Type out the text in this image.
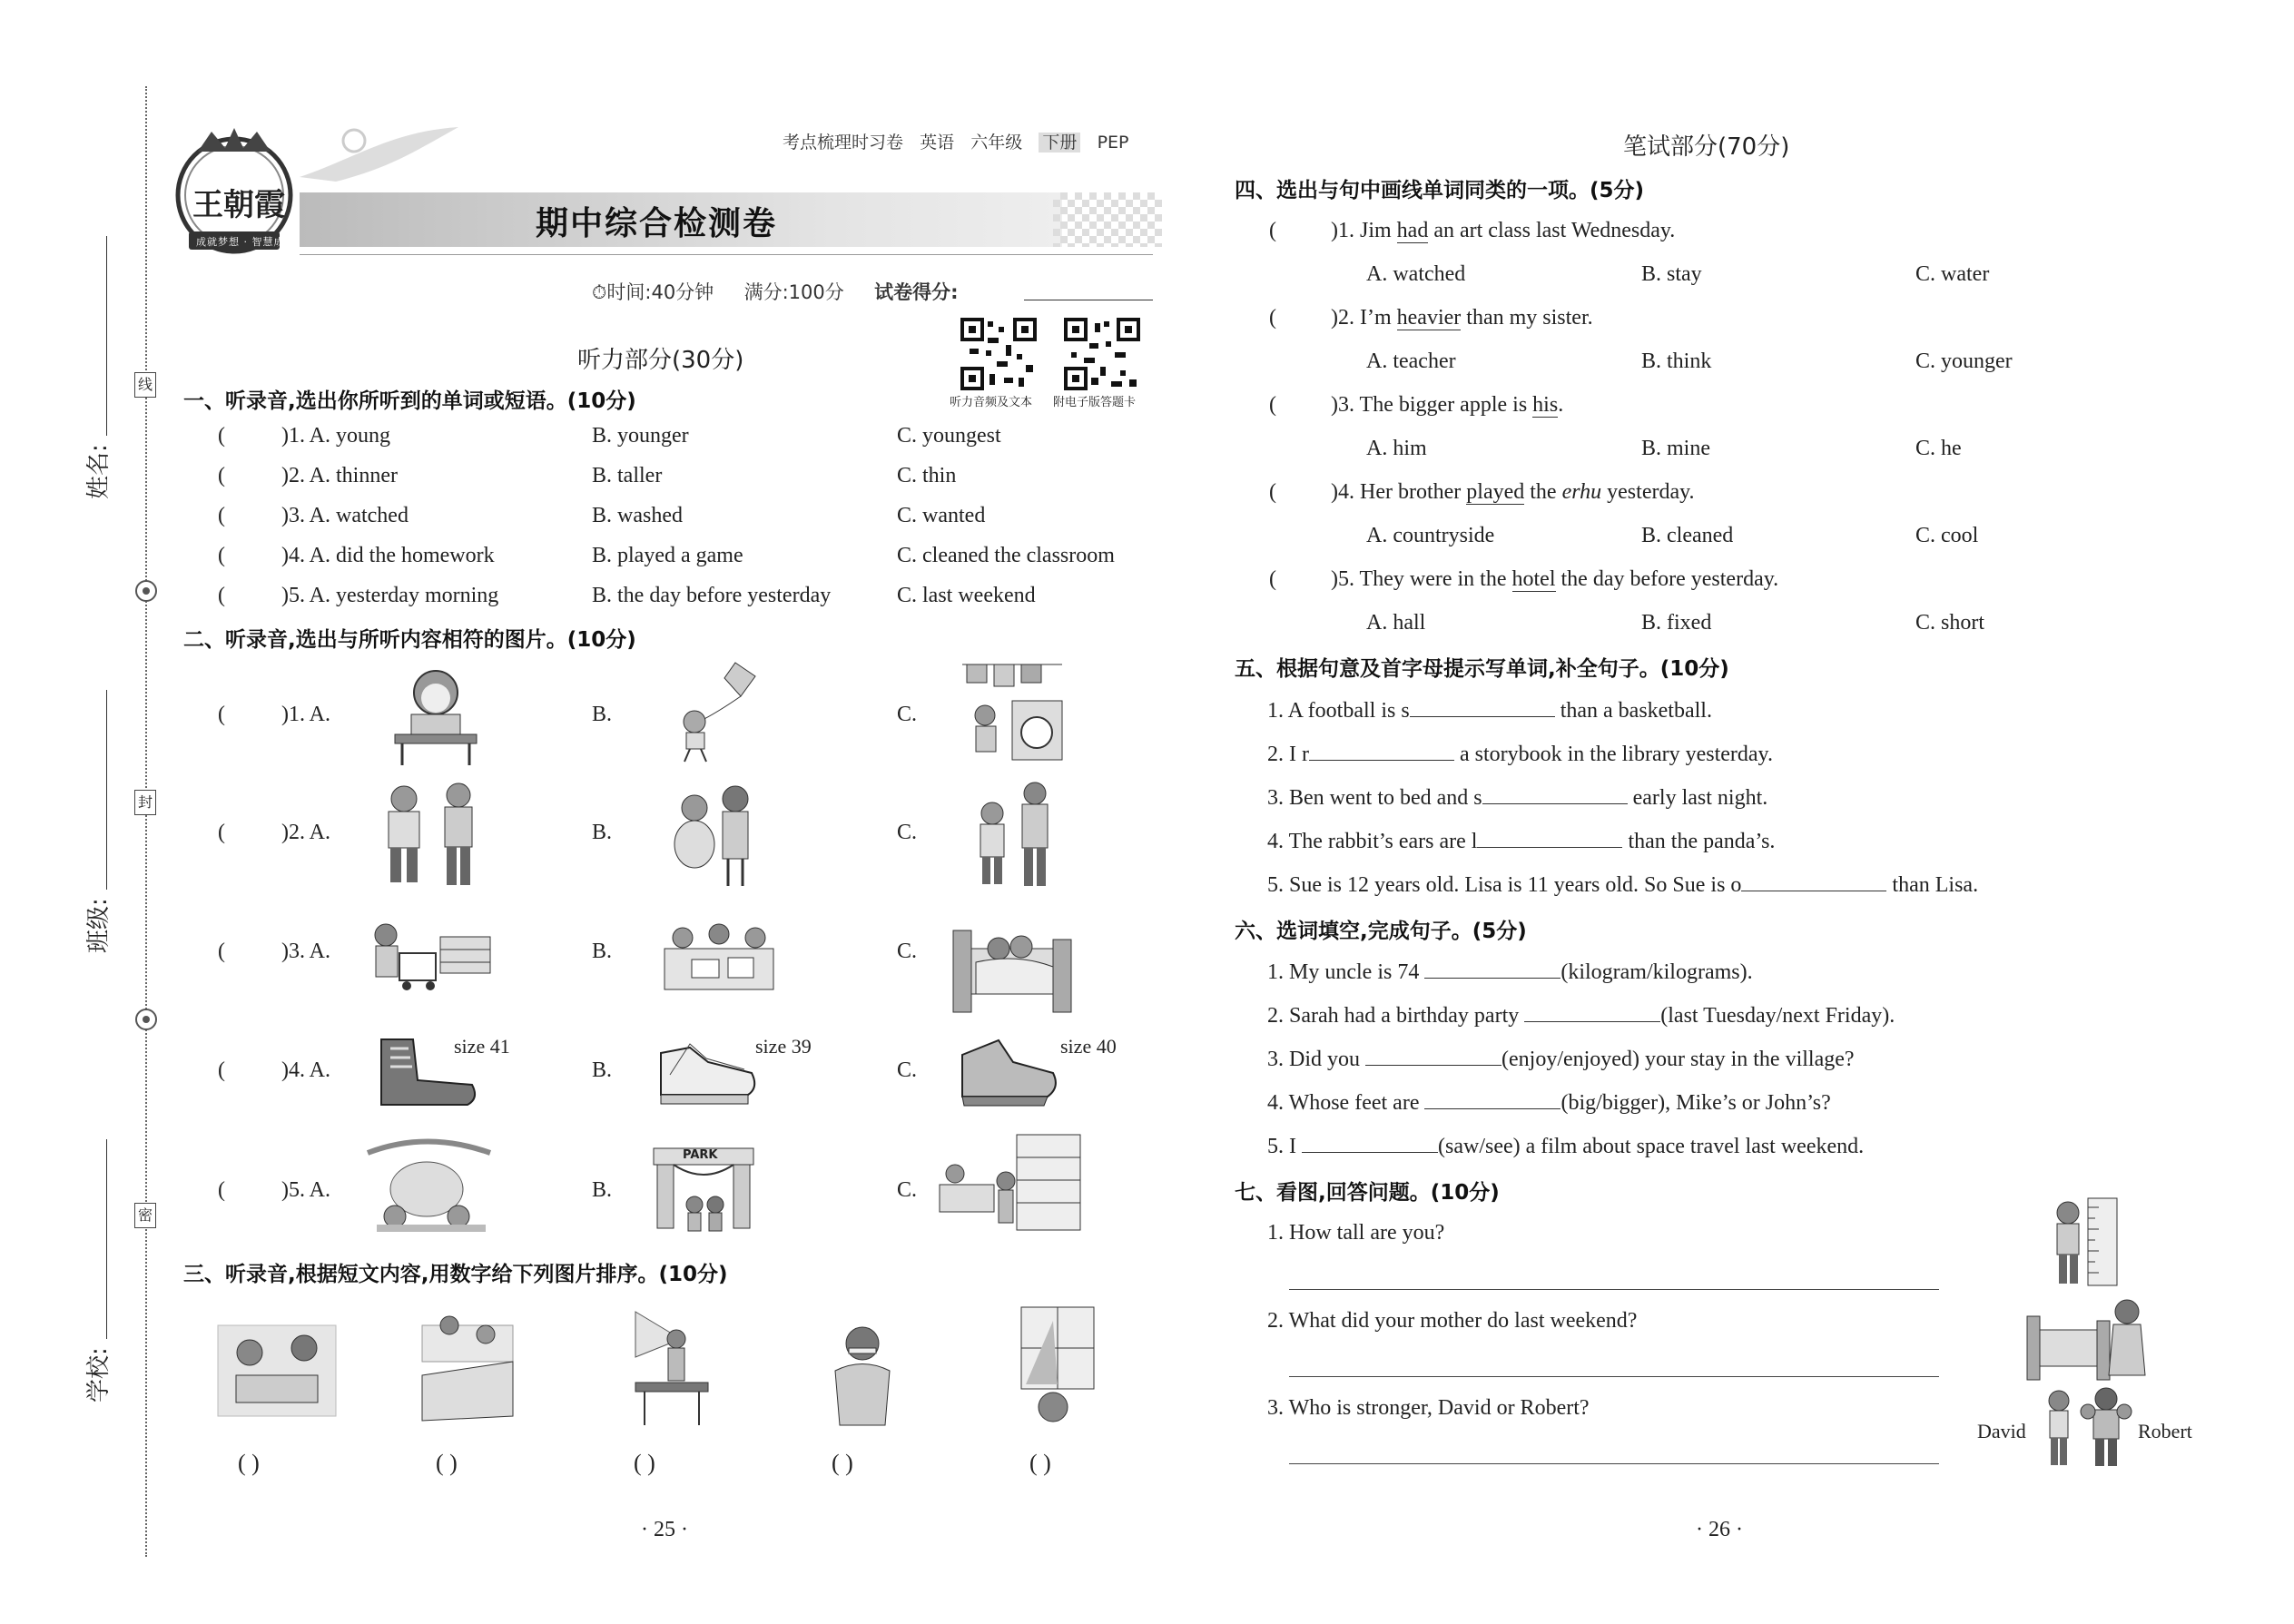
线
封
密
姓名:
班级:
学校:
王朝霞
成就梦想 · 智慧成长
考点梳理时习卷 英语 六年级 下册 PEP
期中综合检测卷
⏱时间:40分钟 满分:100分 试卷得分:
听力音频及文本 附电子版答题卡
听力部分(30分)
一、听录音,选出你所听到的单词或短语。(10分)
(	)1. A. young	B. younger	C. youngest
(	)2. A. thinner	B. taller	C. thin
(	)3. A. watched	B. washed	C. wanted
(	)4. A. did the homework	B. played a game	C. cleaned the classroom
(	)5. A. yesterday morning	B. the day before yesterday	C. last weekend
二、听录音,选出与所听内容相符的图片。(10分)
(	)1. A.	B.	C.
(	)2. A.	B.	C.
(	)3. A.	B.	C.
(	)4. A.	B.	C.
size 41	size 39	size 40
(	)5. A.	B.	C.
PARK
三、听录音,根据短文内容,用数字给下列图片排序。(10分)
( )	( )	( )	( )	( )
· 25 ·
笔试部分(70分)
四、选出与句中画线单词同类的一项。(5分)
(	)1. Jim had an art class last Wednesday.
A. watched	B. stay	C. water
(	)2. I’m heavier than my sister.
A. teacher	B. think	C. younger
(	)3. The bigger apple is his.
A. him	B. mine	C. he
(	)4. Her brother played the erhu yesterday.
A. countryside	B. cleaned	C. cool
(	)5. They were in the hotel the day before yesterday.
A. hall	B. fixed	C. short
五、根据句意及首字母提示写单词,补全句子。(10分)
1. A football is s	than a basketball.
2. I r	a storybook in the library yesterday.
3. Ben went to bed and s	early last night.
4. The rabbit’s ears are l	than the panda’s.
5. Sue is 12 years old. Lisa is 11 years old. So Sue is o	than Lisa.
六、选词填空,完成句子。(5分)
1. My uncle is 74	(kilogram/kilograms).
2. Sarah had a birthday party	(last Tuesday/next Friday).
3. Did you	(enjoy/enjoyed) your stay in the village?
4. Whose feet are	(big/bigger), Mike’s or John’s?
5. I	(saw/see) a film about space travel last weekend.
七、看图,回答问题。(10分)
1. How tall are you?
2. What did your mother do last weekend?
3. Who is stronger, David or Robert?
David	Robert
· 26 ·
